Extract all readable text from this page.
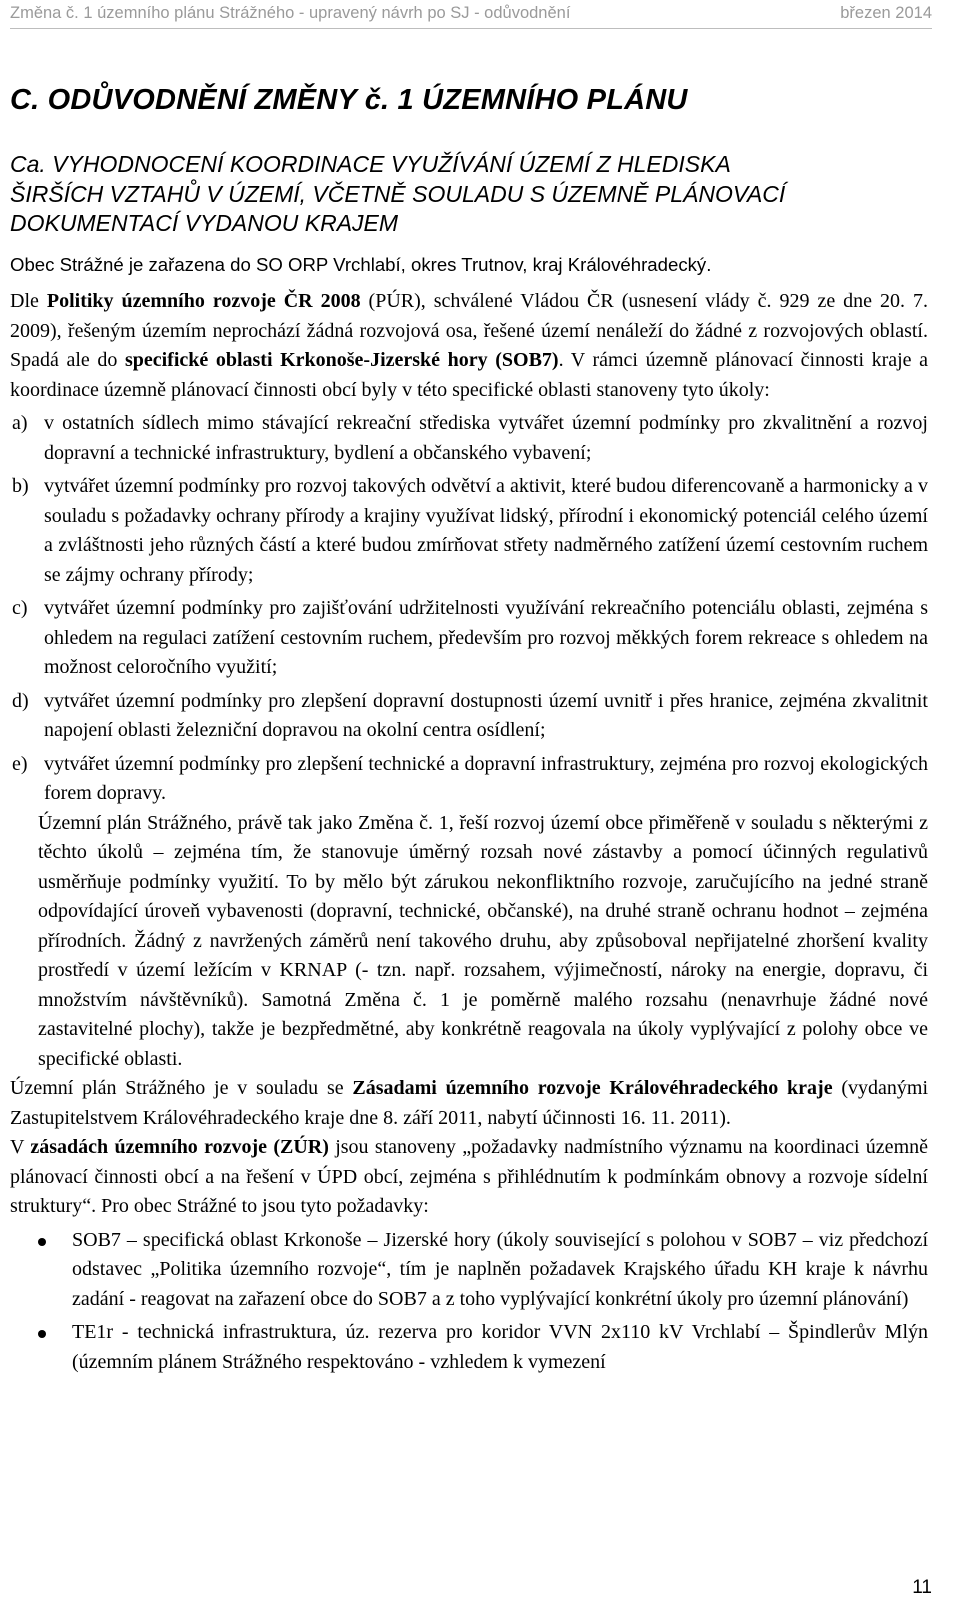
Změna č. 1 územního plánu Strážného - upravený návrh po SJ - odůvodnění	březen 2014
C. ODŮVODNĚNÍ ZMĚNY č. 1 ÚZEMNÍHO PLÁNU
Ca. VYHODNOCENÍ KOORDINACE VYUŽÍVÁNÍ ÚZEMÍ Z HLEDISKA
ŠIRŠÍCH VZTAHŮ V ÚZEMÍ, VČETNĚ SOULADU S ÚZEMNĚ PLÁNOVACÍ
DOKUMENTACÍ VYDANOU KRAJEM
Obec Strážné je zařazena do SO ORP Vrchlabí, okres Trutnov, kraj Královéhradecký.

Dle Politiky územního rozvoje ČR 2008 (PÚR), schválené Vládou ČR (usnesení vlády č. 929 ze dne 20. 7. 2009), řešeným územím neprochází žádná rozvojová osa, řešené území nenáleží do žádné z rozvojových oblastí. Spadá ale do specifické oblasti Krkonoše-Jizerské hory (SOB7). V rámci územně plánovací činnosti kraje a koordinace územně plánovací činnosti obcí byly v této specifické oblasti stanoveny tyto úkoly:

a) v ostatních sídlech mimo stávající rekreační střediska vytvářet územní podmínky pro zkvalitnění a rozvoj dopravní a technické infrastruktury, bydlení a občanského vybavení;

b) vytvářet územní podmínky pro rozvoj takových odvětví a aktivit, které budou diferencovaně a harmonicky a v souladu s požadavky ochrany přírody a krajiny využívat lidský, přírodní i ekonomický potenciál celého území a zvláštnosti jeho různých částí a které budou zmírňovat střety nadměrného zatížení území cestovním ruchem se zájmy ochrany přírody;

c) vytvářet územní podmínky pro zajišťování udržitelnosti využívání rekreačního potenciálu oblasti, zejména s ohledem na regulaci zatížení cestovním ruchem, především pro rozvoj měkkých forem rekreace s ohledem na možnost celoročního využití;

d) vytvářet územní podmínky pro zlepšení dopravní dostupnosti území uvnitř i přes hranice, zejména zkvalitnit napojení oblasti železniční dopravou na okolní centra osídlení;

e) vytvářet územní podmínky pro zlepšení technické a dopravní infrastruktury, zejména pro rozvoj ekologických forem dopravy.

Územní plán Strážného, právě tak jako Změna č. 1, řeší rozvoj území obce přiměřeně v souladu s některými z těchto úkolů – zejména tím, že stanovuje úměrný rozsah nové zástavby a pomocí účinných regulativů usměrňuje podmínky využití. To by mělo být zárukou nekonfliktního rozvoje, zaručujícího na jedné straně odpovídající úroveň vybavenosti (dopravní, technické, občanské), na druhé straně ochranu hodnot – zejména přírodních. Žádný z navržených záměrů není takového druhu, aby způsoboval nepřijatelné zhoršení kvality prostředí v území ležícím v KRNAP (- tzn. např. rozsahem, výjimečností, nároky na energie, dopravu, či množstvím návštěvníků). Samotná Změna č. 1 je poměrně malého rozsahu (nenavrhuje žádné nové zastavitelné plochy), takže je bezpředmětné, aby konkrétně reagovala na úkoly vyplývající z polohy obce ve specifické oblasti.

Územní plán Strážného je v souladu se Zásadami územního rozvoje Královéhradeckého kraje (vydanými Zastupitelstvem Královéhradeckého kraje dne 8. září 2011, nabytí účinnosti 16. 11. 2011).

V zásadách územního rozvoje (ZÚR) jsou stanoveny „požadavky nadmístního významu na koordinaci územně plánovací činnosti obcí a na řešení v ÚPD obcí, zejména s přihlédnutím k podmínkám obnovy a rozvoje sídelní struktury“. Pro obec Strážné to jsou tyto požadavky:

SOB7 – specifická oblast Krkonoše – Jizerské hory (úkoly související s polohou v SOB7 – viz předchozí odstavec „Politika územního rozvoje“, tím je naplněn požadavek Krajského úřadu KH kraje k návrhu zadání - reagovat na zařazení obce do SOB7 a z toho vyplývající konkrétní úkoly pro územní plánování)

TE1r - technická infrastruktura, úz. rezerva pro koridor VVN 2x110 kV Vrchlabí – Špindlerův Mlýn (územním plánem Strážného respektováno - vzhledem k vymezení

11
